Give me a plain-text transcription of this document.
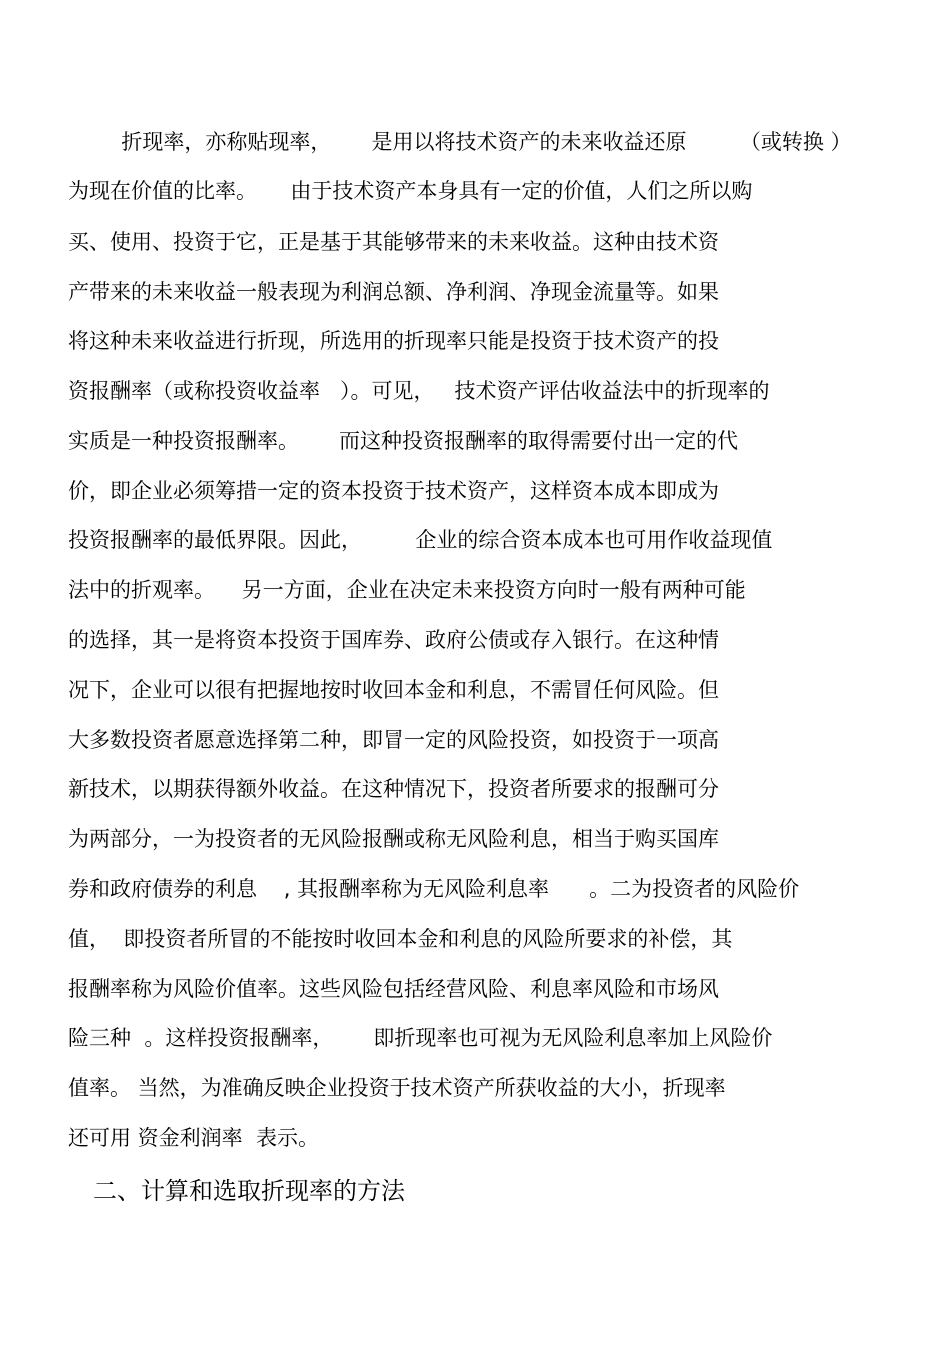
折现率，亦称贴现率，      是用以将技术资产的未来收益还原        （或转换 ）
为现在价值的比率。     由于技术资产本身具有一定的价值，人们之所以购
买、使用、投资于它，正是基于其能够带来的未来收益。这种由技术资
产带来的未来收益一般表现为利润总额、净利润、净现金流量等。如果
将这种未来收益进行折现，所选用的折现率只能是投资于技术资产的投
资报酬率（或称投资收益率   ）。可见，   技术资产评估收益法中的折现率的
实质是一种投资报酬率。      而这种投资报酬率的取得需要付出一定的代
价，即企业必须筹措一定的资本投资于技术资产，这样资本成本即成为
投资报酬率的最低界限。因此，        企业的综合资本成本也可用作收益现值
法中的折观率。    另一方面，企业在决定未来投资方向时一般有两种可能
的选择，其一是将资本投资于国库券、政府公债或存入银行。在这种情
况下，企业可以很有把握地按时收回本金和利息，不需冒任何风险。但
大多数投资者愿意选择第二种，即冒一定的风险投资，如投资于一项高
新技术，以期获得额外收益。在这种情况下，投资者所要求的报酬可分
为两部分，一为投资者的无风险报酬或称无风险利息，相当于购买国库
券和政府债券的利息    , 其报酬率称为无风险利息率      。二为投资者的风险价
值，  即投资者所冒的不能按时收回本金和利息的风险所要求的补偿，其
报酬率称为风险价值率。这些风险包括经营风险、利息率风险和市场风
险三种  。这样投资报酬率，      即折现率也可视为无风险利息率加上风险价
值率。 当然，为准确反映企业投资于技术资产所获收益的大小，折现率
还可用 资金利润率  表示。
二、计算和选取折现率的方法
